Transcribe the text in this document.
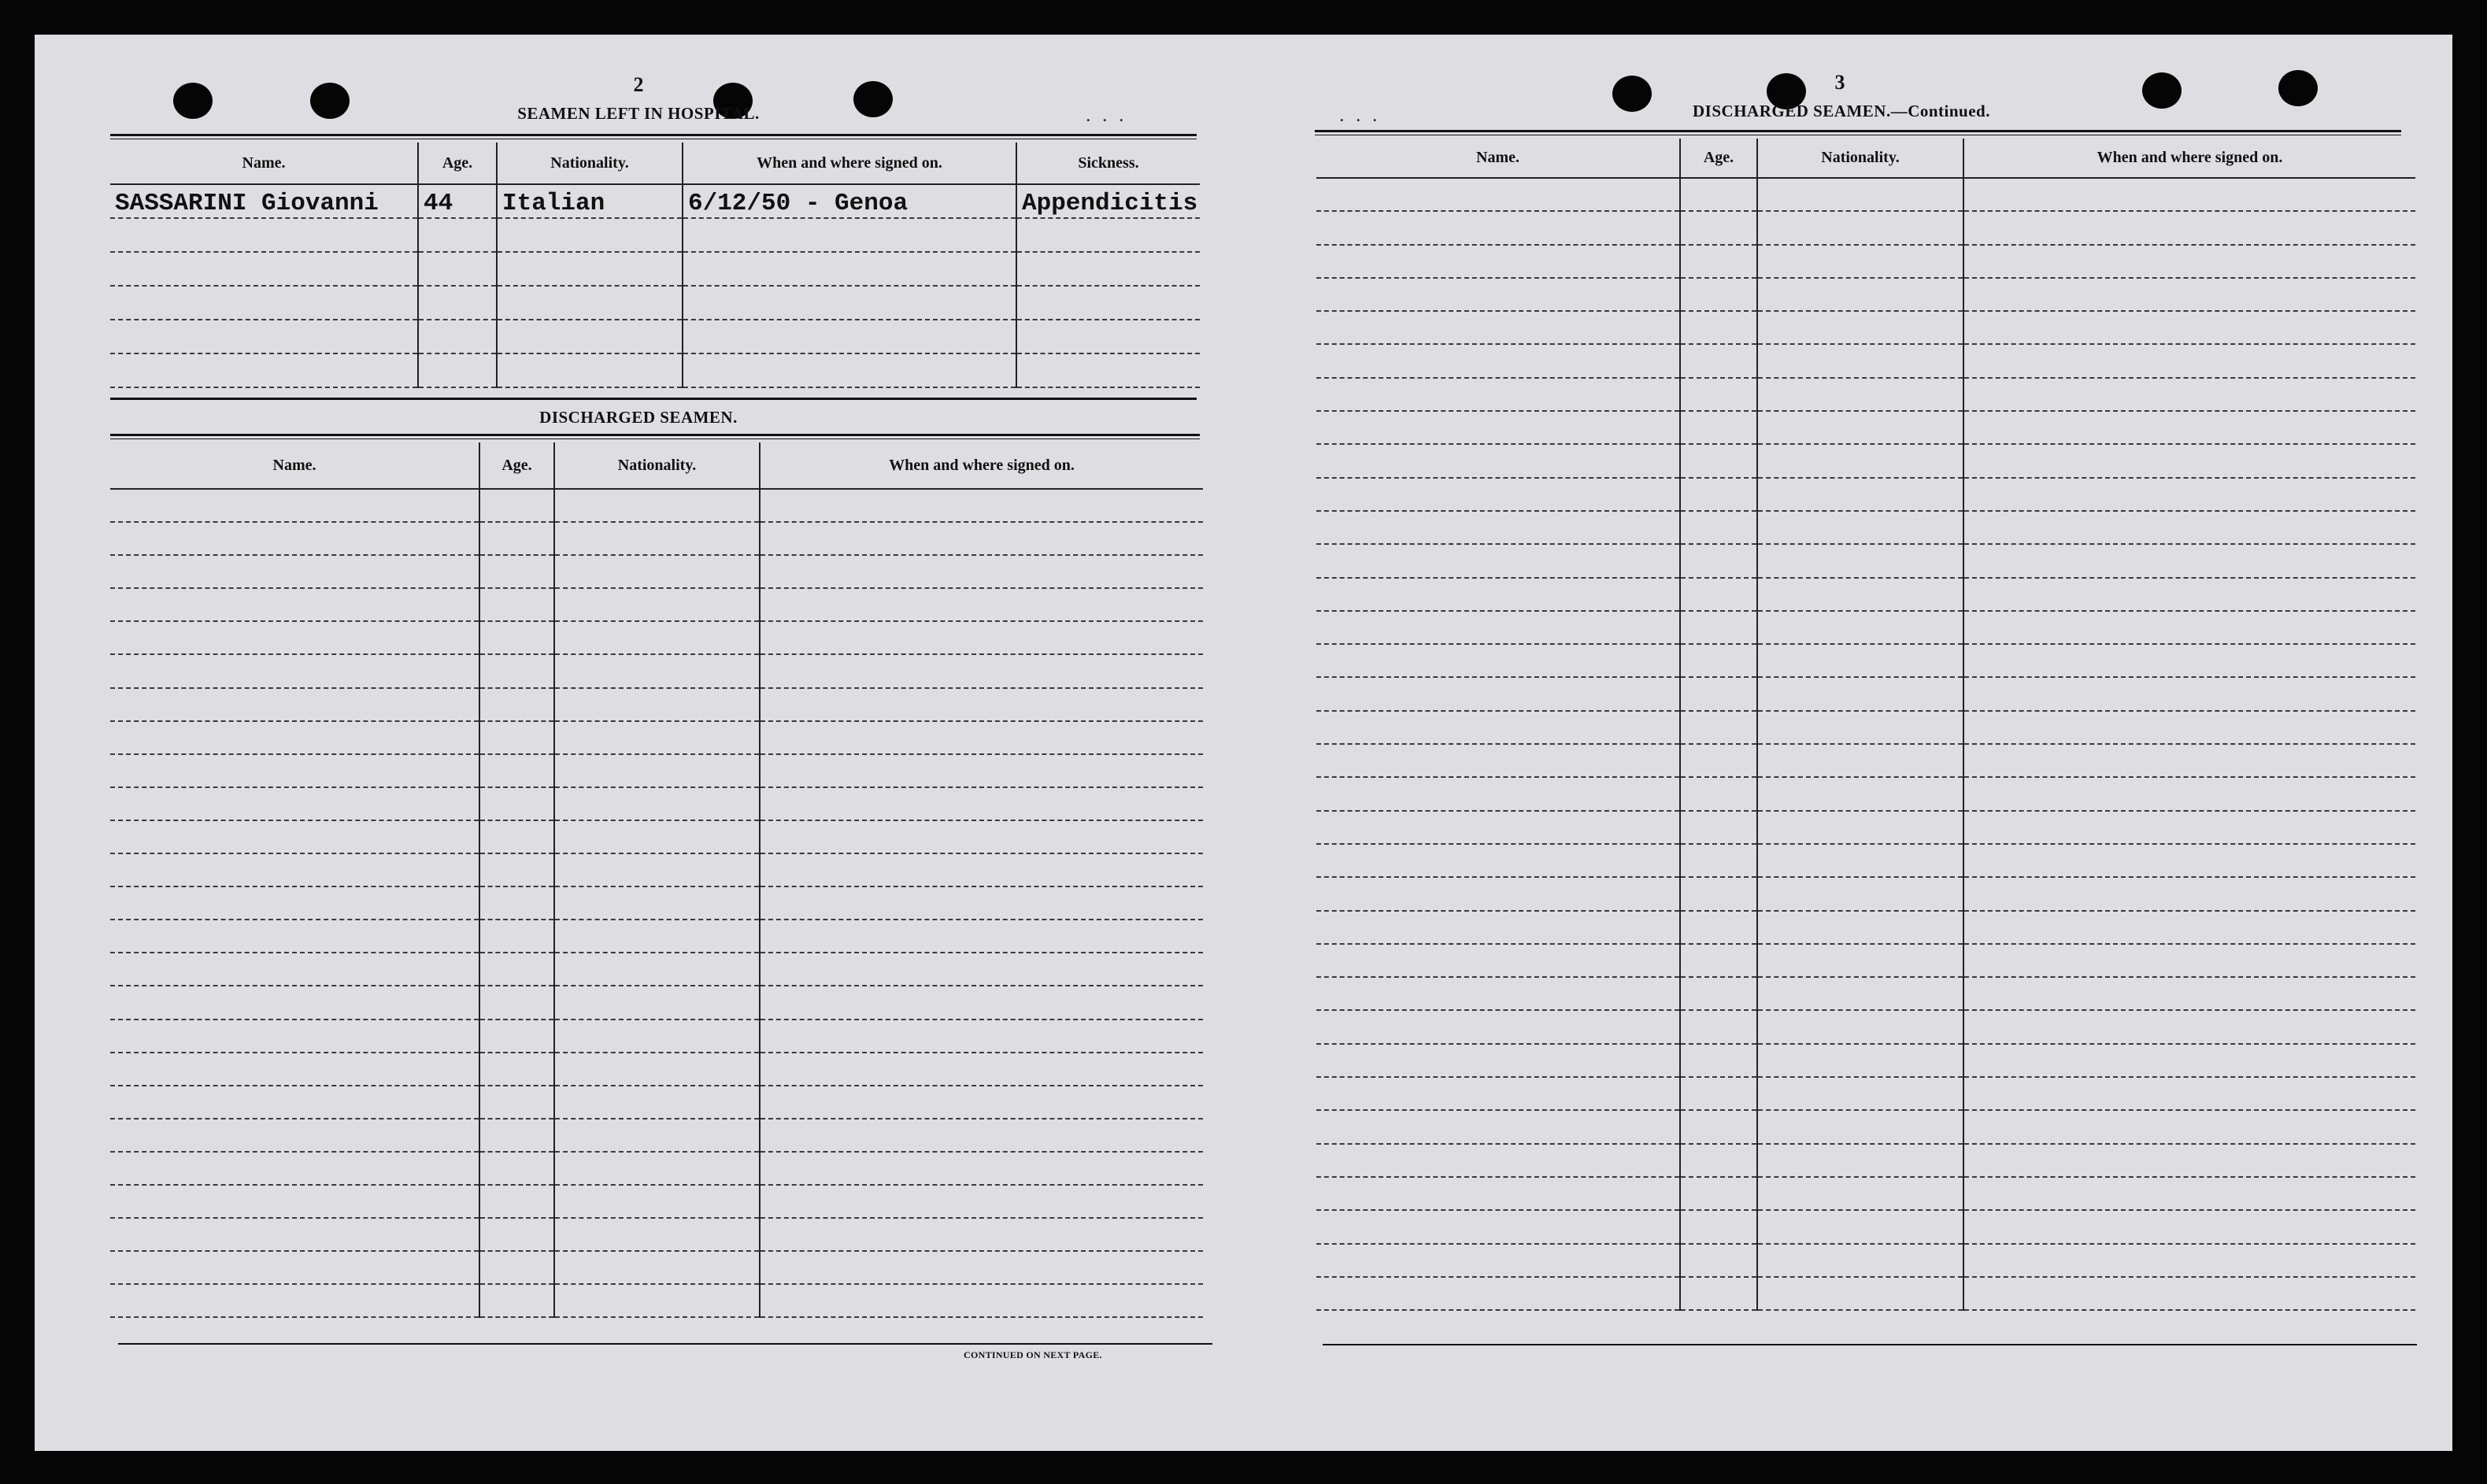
2
SEAMEN LEFT IN HOSPITAL.	. . .
Name.	Age.	Nationality.	When and where signed on.	Sickness.
SASSARINI Giovanni	44	Italian	6/12/50 - Genoa	Appendicitis

DISCHARGED SEAMEN.
Name.	Age.	Nationality.	When and where signed on.

CONTINUED ON NEXT PAGE.
3
. . .	DISCHARGED SEAMEN.—Continued.
Name.	Age.	Nationality.	When and where signed on.
